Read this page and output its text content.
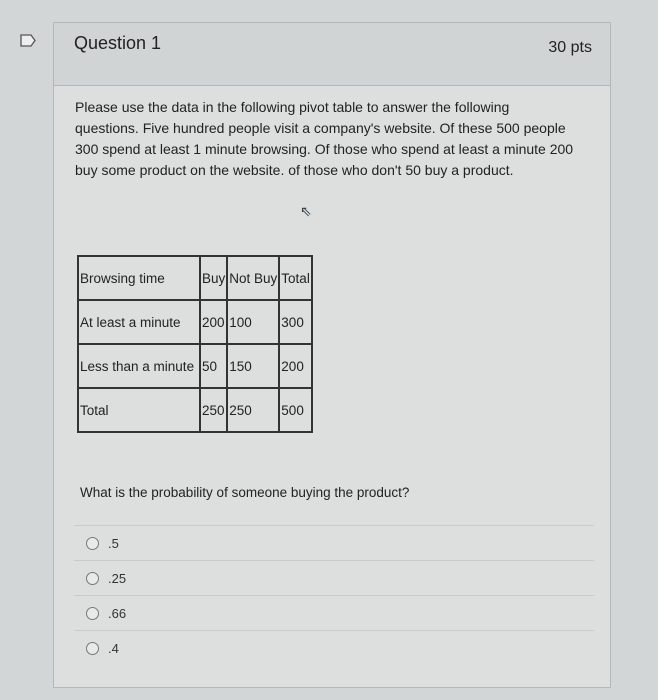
Question 1	30 pts
Please use the data in the following pivot table to answer the following questions. Five hundred people visit a company's website. Of these 500 people 300 spend at least 1 minute browsing. Of those who spend at least a minute 200 buy some product on the website. of those who don't 50 buy a product.
⇖
Browsing time	Buy	Not Buy	Total
At least a minute	200	100	300
Less than a minute	50	150	200
Total	250	250	500
What is the probability of someone buying the product?
.5
.25
.66
.4
